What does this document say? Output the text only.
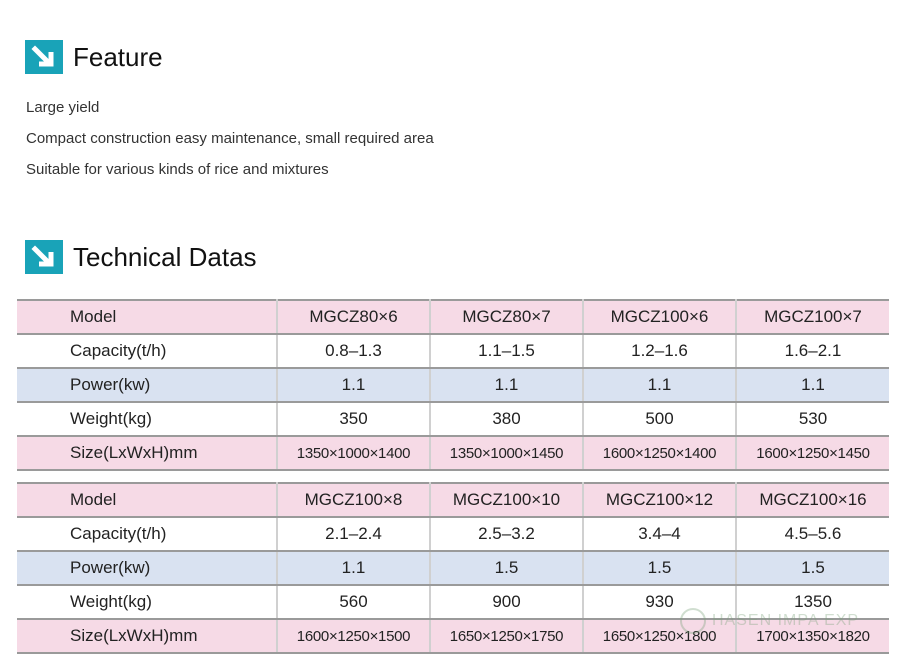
Feature
Large yield
Compact construction easy maintenance, small required area
Suitable for various kinds of rice and mixtures
Technical Datas
Model	MGCZ80×6	MGCZ80×7	MGCZ100×6	MGCZ100×7
Capacity(t/h)	0.8–1.3	1.1–1.5	1.2–1.6	1.6–2.1
Power(kw)	1.1	1.1	1.1	1.1
Weight(kg)	350	380	500	530
Size(LxWxH)mm	1350×1000×1400	1350×1000×1450	1600×1250×1400	1600×1250×1450
Model	MGCZ100×8	MGCZ100×10	MGCZ100×12	MGCZ100×16
Capacity(t/h)	2.1–2.4	2.5–3.2	3.4–4	4.5–5.6
Power(kw)	1.1	1.5	1.5	1.5
Weight(kg)	560	900	930	1350
Size(LxWxH)mm	1600×1250×1500	1650×1250×1750	1650×1250×1800	1700×1350×1820
HASEN IMPA EXP
